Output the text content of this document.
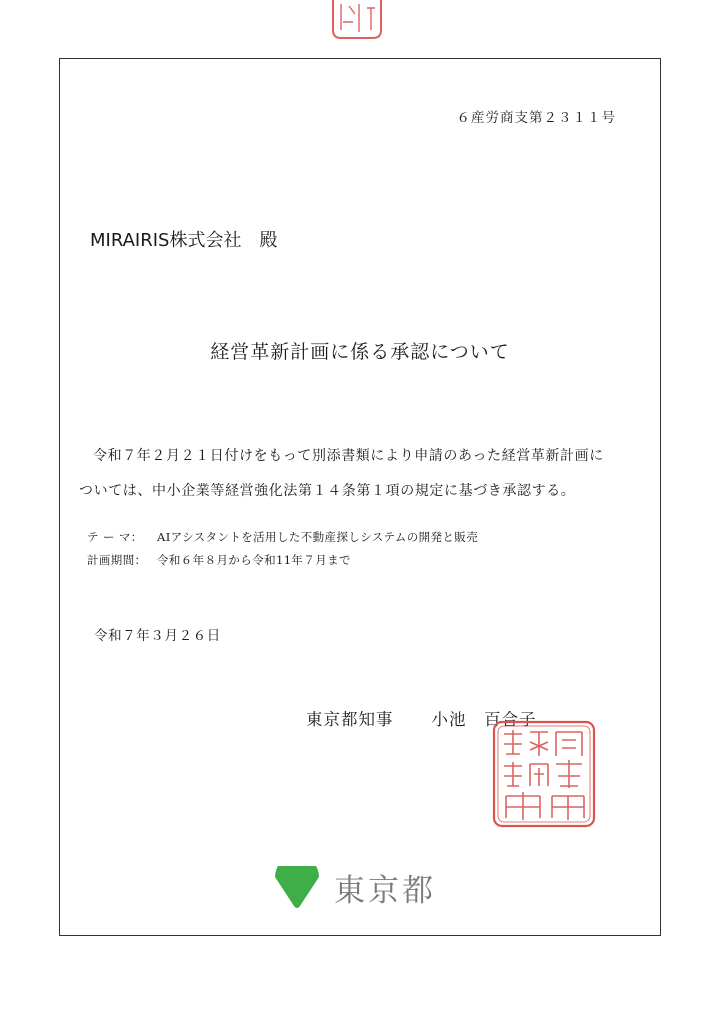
６産労商支第２３１１号
MIRAIRIS株式会社　殿
経営革新計画に係る承認について
令和７年２月２１日付けをもって別添書類により申請のあった経営革新計画に
ついては、中小企業等経営強化法第１４条第１項の規定に基づき承認する。
テ ー マ： AIアシスタントを活用した不動産探しシステムの開発と販売
計画期間： 令和６年８月から令和11年７月まで
令和７年３月２６日
東京都知事 小池　百合子
東京都
